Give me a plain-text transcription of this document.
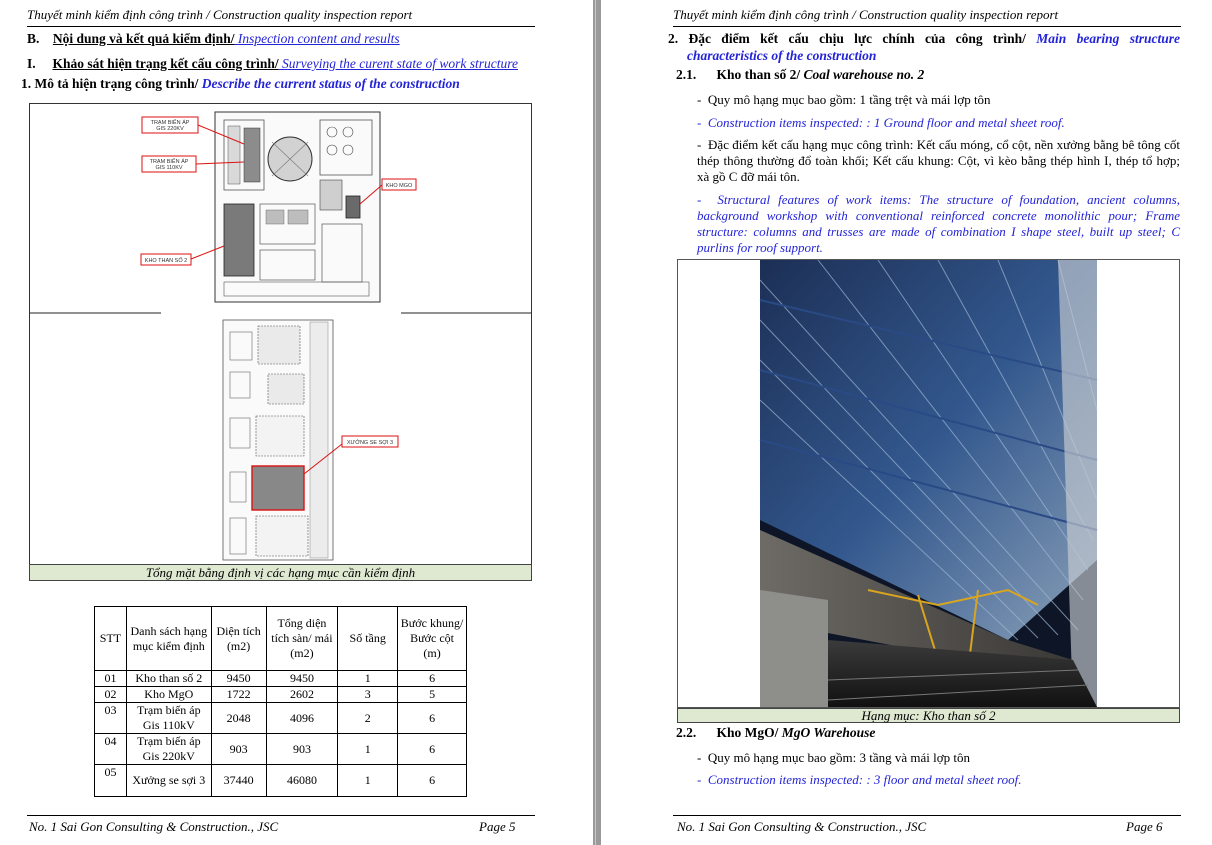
Thuyết minh kiểm định công trình / Construction quality inspection report
B. Nội dung và kết quả kiểm định/ Inspection content and results
I. Khảo sát hiện trạng kết cấu công trình/ Surveying the curent state of work structure
1. Mô tả hiện trạng công trình/ Describe the current status of the construction
TRẠM BIẾN ÁP GIS 220KV
TRẠM BIẾN ÁP GIS 110KV
KHO MGO
KHO THAN SỐ 2
XƯỞNG SE SỢI 3
Tổng mặt bằng định vị các hạng mục cần kiểm định
STT	Danh sách hạng mục kiểm định	Diện tích (m2)	Tổng diện tích sàn/ mái (m2)	Số tầng	Bước khung/ Bước cột (m)
01	Kho than số 2	9450	9450	1	6
02	Kho MgO	1722	2602	3	5
03	Trạm biến áp Gis 110kV	2048	4096	2	6
04	Trạm biến áp Gis 220kV	903	903	1	6
05	Xưởng se sợi 3	37440	46080	1	6
No. 1 Sai Gon Consulting & Construction., JSC	Page 5
Thuyết minh kiểm định công trình / Construction quality inspection report
2. Đặc điểm kết cấu chịu lực chính của công trình/ Main bearing structure
characteristics of the construction
2.1. Kho than số 2/ Coal warehouse no. 2
-  Quy mô hạng mục bao gồm: 1 tầng trệt và mái lợp tôn
-  Construction items inspected: : 1 Ground floor and metal sheet roof.
-  Đặc điểm kết cấu hạng mục công trình: Kết cấu móng, cổ cột, nền xưởng bằng bê tông cốt thép thông thường đổ toàn khối; Kết cấu khung: Cột, vì kèo bằng thép hình I, thép tổ hợp; xà gồ C đỡ mái tôn.
-  Structural features of work items: The structure of foundation, ancient columns, background workshop with conventional reinforced concrete monolithic pour; Frame structure: columns and trusses are made of combination I shape steel, built up steel; C purlins for roof support.
Hạng mục: Kho than số 2
2.2. Kho MgO/ MgO Warehouse
-  Quy mô hạng mục bao gồm: 3 tầng và mái lợp tôn
-  Construction items inspected: : 3 floor and metal sheet roof.
No. 1 Sai Gon Consulting & Construction., JSC	Page 6
